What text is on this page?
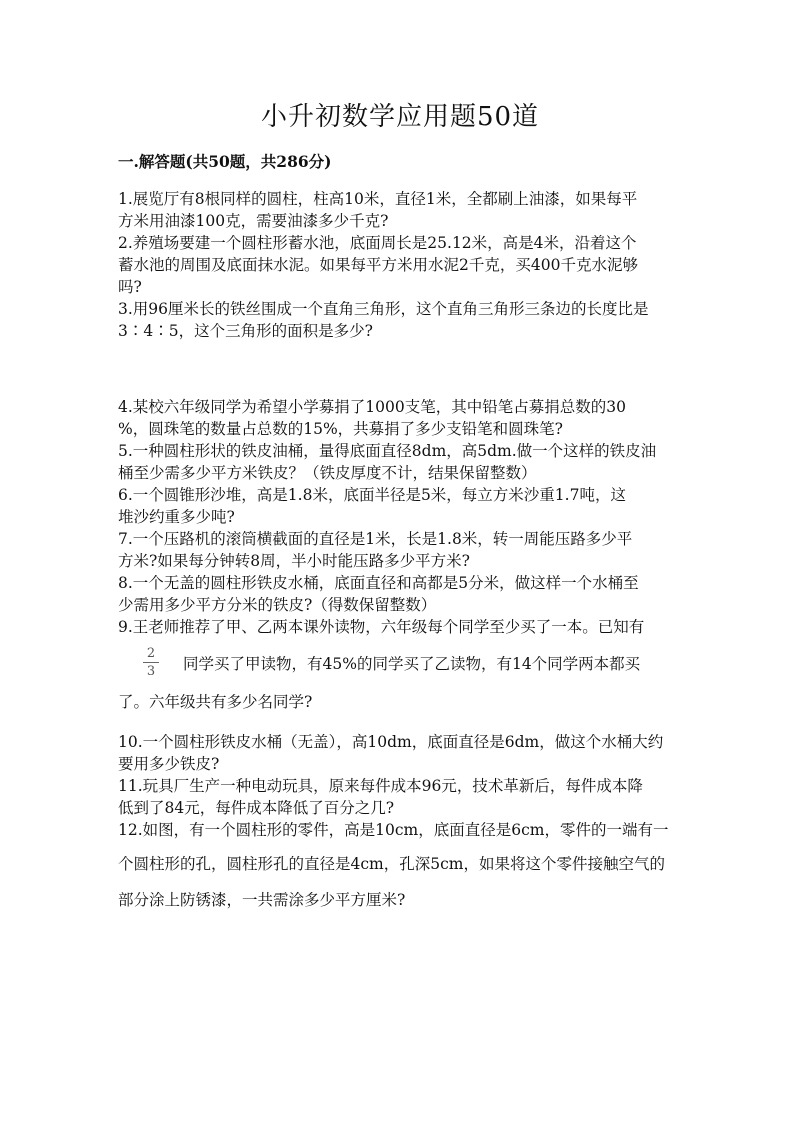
小升初数学应用题50道
一.解答题(共50题，共286分)
1.展览厅有8根同样的圆柱，柱高10米，直径1米，全都刷上油漆，如果每平
方米用油漆100克，需要油漆多少千克?
2.养殖场要建一个圆柱形蓄水池，底面周长是25.12米，高是4米，沿着这个
蓄水池的周围及底面抹水泥。如果每平方米用水泥2千克，买400千克水泥够
吗?
3.用96厘米长的铁丝围成一个直角三角形，这个直角三角形三条边的长度比是
3∶4∶5，这个三角形的面积是多少?
4.某校六年级同学为希望小学募捐了1000支笔，其中铅笔占募捐总数的30
%，圆珠笔的数量占总数的15%，共募捐了多少支铅笔和圆珠笔?
5.一种圆柱形状的铁皮油桶，量得底面直径8dm，高5dm.做一个这样的铁皮油
桶至少需多少平方米铁皮？（铁皮厚度不计，结果保留整数）
6.一个圆锥形沙堆，高是1.8米，底面半径是5米，每立方米沙重1.7吨，这
堆沙约重多少吨?
7.一个压路机的滚筒横截面的直径是1米，长是1.8米，转一周能压路多少平
方米?如果每分钟转8周，半小时能压路多少平方米?
8.一个无盖的圆柱形铁皮水桶，底面直径和高都是5分米，做这样一个水桶至
少需用多少平方分米的铁皮?（得数保留整数）
9.王老师推荐了甲、乙两本课外读物，六年级每个同学至少买了一本。已知有
2
3 同学买了甲读物，有45%的同学买了乙读物，有14个同学两本都买
了。六年级共有多少名同学?
10.一个圆柱形铁皮水桶（无盖），高10dm，底面直径是6dm，做这个水桶大约
要用多少铁皮?
11.玩具厂生产一种电动玩具，原来每件成本96元，技术革新后，每件成本降
低到了84元，每件成本降低了百分之几?
12.如图，有一个圆柱形的零件，高是10cm，底面直径是6cm，零件的一端有一
个圆柱形的孔，圆柱形孔的直径是4cm，孔深5cm，如果将这个零件接触空气的
部分涂上防锈漆，一共需涂多少平方厘米?
